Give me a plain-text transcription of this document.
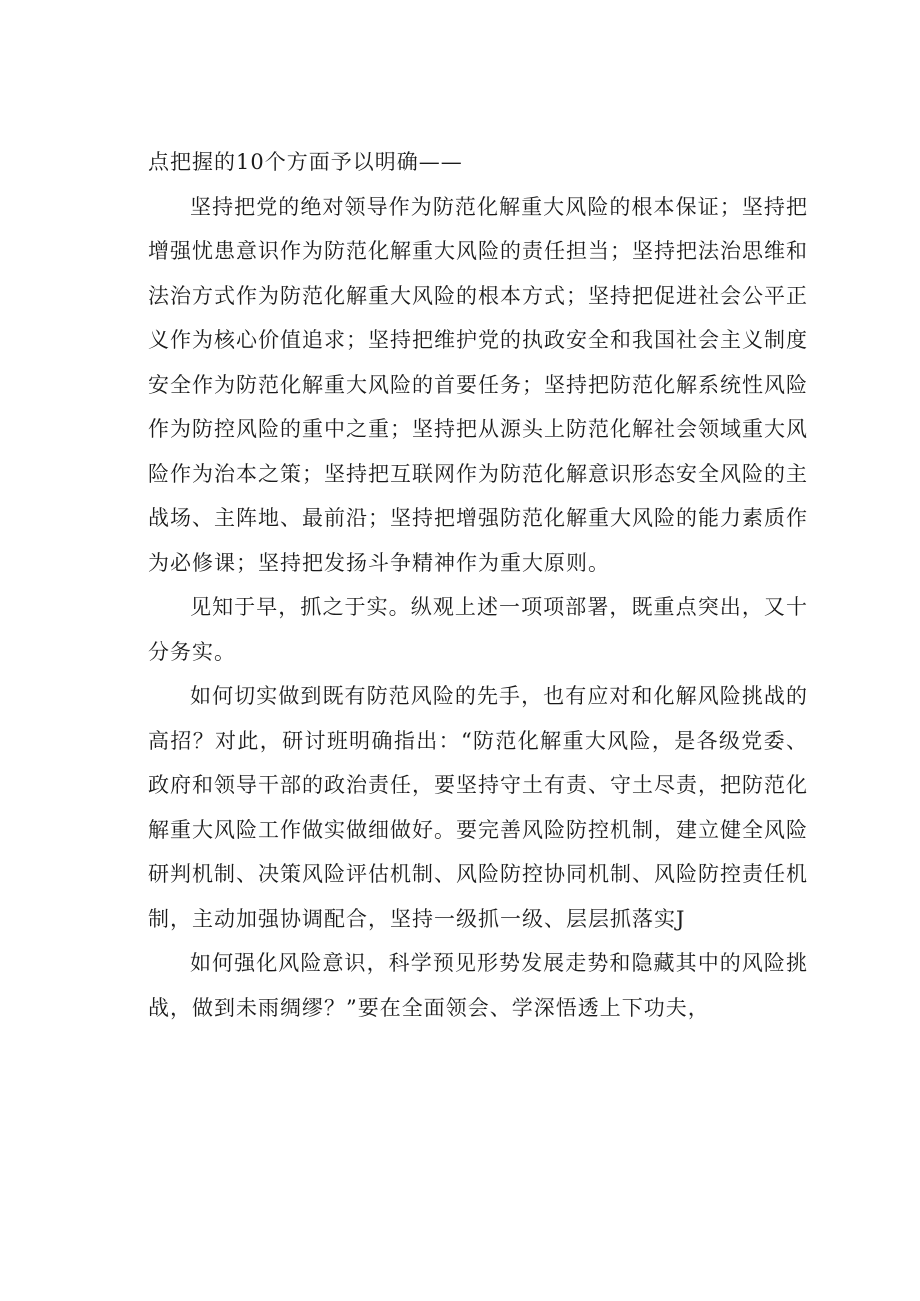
点把握的10个方面予以明确——

坚持把党的绝对领导作为防范化解重大风险的根本保证；坚持把增强忧患意识作为防范化解重大风险的责任担当；坚持把法治思维和法治方式作为防范化解重大风险的根本方式；坚持把促进社会公平正义作为核心价值追求；坚持把维护党的执政安全和我国社会主义制度安全作为防范化解重大风险的首要任务；坚持把防范化解系统性风险作为防控风险的重中之重；坚持把从源头上防范化解社会领域重大风险作为治本之策；坚持把互联网作为防范化解意识形态安全风险的主战场、主阵地、最前沿；坚持把增强防范化解重大风险的能力素质作为必修课；坚持把发扬斗争精神作为重大原则。

见知于早，抓之于实。纵观上述一项项部署，既重点突出，又十分务实。

如何切实做到既有防范风险的先手，也有应对和化解风险挑战的高招？对此，研讨班明确指出：“防范化解重大风险，是各级党委、政府和领导干部的政治责任，要坚持守土有责、守土尽责，把防范化解重大风险工作做实做细做好。要完善风险防控机制，建立健全风险研判机制、决策风险评估机制、风险防控协同机制、风险防控责任机制，主动加强协调配合，坚持一级抓一级、层层抓落实J

如何强化风险意识，科学预见形势发展走势和隐藏其中的风险挑战，做到未雨绸缪？”要在全面领会、学深悟透上下功夫，
